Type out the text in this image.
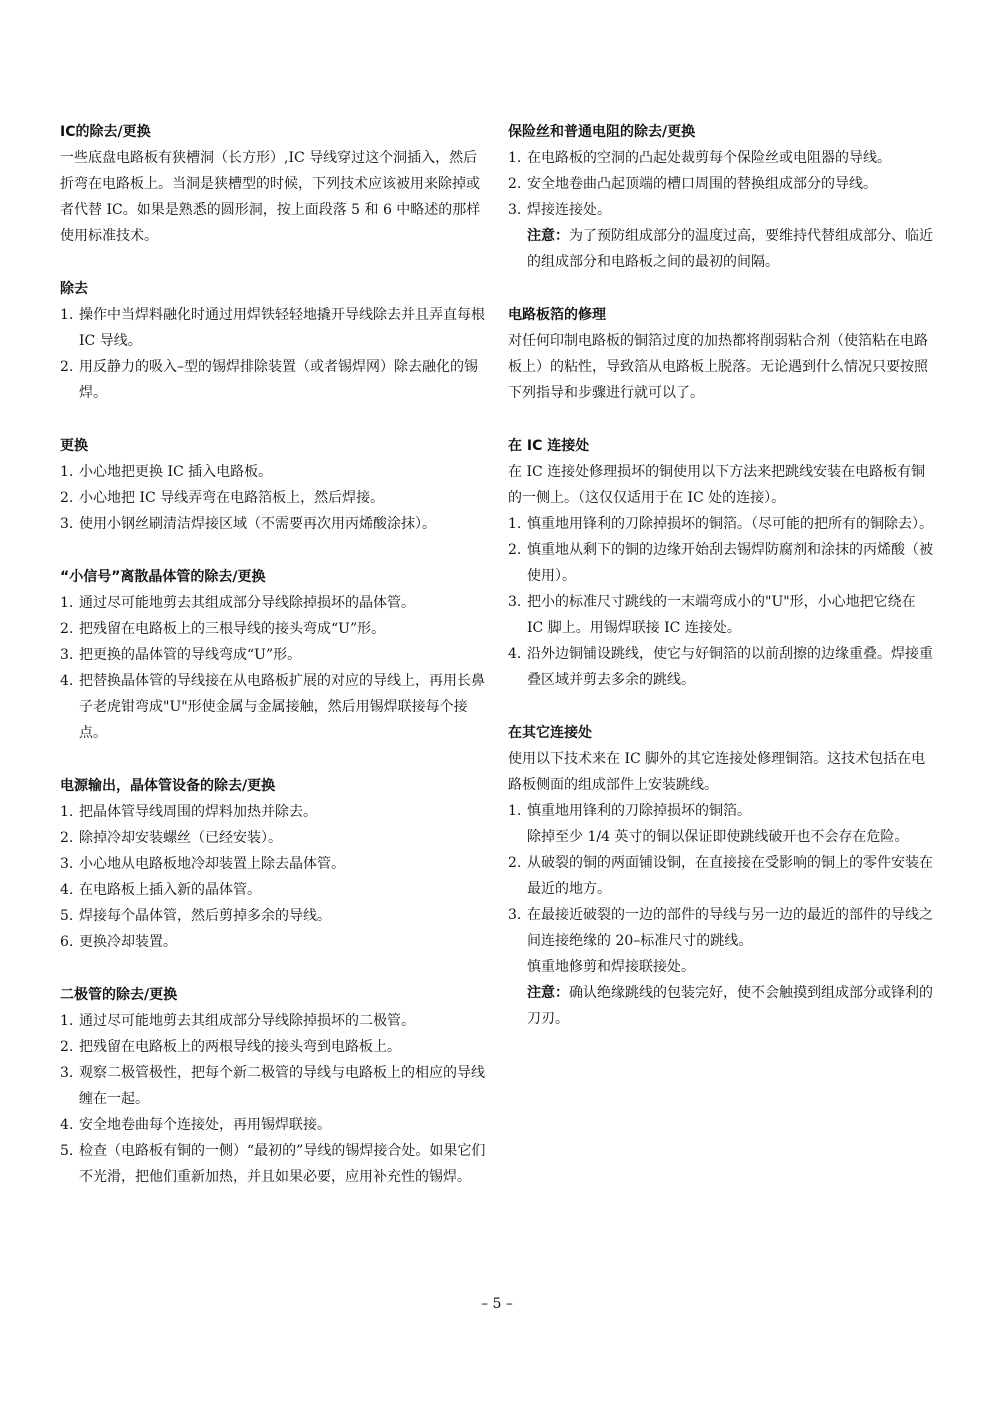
IC的除去/更换

一些底盘电路板有狭槽洞（长方形）,IC 导线穿过这个洞插入，然后折弯在电路板上。当洞是狭槽型的时候，下列技术应该被用来除掉或者代替 IC。如果是熟悉的圆形洞，按上面段落 5 和 6 中略述的那样使用标准技术。

除去
1. 操作中当焊料融化时通过用焊铁轻轻地撬开导线除去并且弄直每根 IC 导线。
2. 用反静力的吸入–型的锡焊排除装置（或者锡焊网）除去融化的锡焊。
更换
1. 小心地把更换 IC 插入电路板。
2. 小心地把 IC 导线弄弯在电路箔板上，然后焊接。
3. 使用小钢丝刷清洁焊接区域（不需要再次用丙烯酸涂抹）。
“小信号”离散晶体管的除去/更换
1. 通过尽可能地剪去其组成部分导线除掉损坏的晶体管。
2. 把残留在电路板上的三根导线的接头弯成“U”形。
3. 把更换的晶体管的导线弯成“U”形。
4. 把替换晶体管的导线接在从电路板扩展的对应的导线上，再用长鼻子老虎钳弯成"U"形使金属与金属接触，然后用锡焊联接每个接点。
电源输出，晶体管设备的除去/更换
1. 把晶体管导线周围的焊料加热并除去。
2. 除掉冷却安装螺丝（已经安装）。
3. 小心地从电路板地冷却装置上除去晶体管。
4. 在电路板上插入新的晶体管。
5. 焊接每个晶体管，然后剪掉多余的导线。
6. 更换冷却装置。
二极管的除去/更换
1. 通过尽可能地剪去其组成部分导线除掉损坏的二极管。
2. 把残留在电路板上的两根导线的接头弯到电路板上。
3. 观察二极管极性，把每个新二极管的导线与电路板上的相应的导线缠在一起。
4. 安全地卷曲每个连接处，再用锡焊联接。
5. 检查（电路板有铜的一侧）“最初的”导线的锡焊接合处。如果它们不光滑，把他们重新加热，并且如果必要，应用补充性的锡焊。
保险丝和普通电阻的除去/更换
1. 在电路板的空洞的凸起处裁剪每个保险丝或电阻器的导线。
2. 安全地卷曲凸起顶端的槽口周围的替换组成部分的导线。
3. 焊接连接处。
注意：为了预防组成部分的温度过高，要维持代替组成部分、临近的组成部分和电路板之间的最初的间隔。
电路板箔的修理

对任何印制电路板的铜箔过度的加热都将削弱粘合剂（使箔粘在电路板上）的粘性，导致箔从电路板上脱落。无论遇到什么情况只要按照下列指导和步骤进行就可以了。

在 IC 连接处

在 IC 连接处修理损坏的铜使用以下方法来把跳线安装在电路板有铜的一侧上。（这仅仅适用于在 IC 处的连接）。

1. 慎重地用锋利的刀除掉损坏的铜箔。（尽可能的把所有的铜除去）。
2. 慎重地从剩下的铜的边缘开始刮去锡焊防腐剂和涂抹的丙烯酸（被使用）。
3. 把小的标准尺寸跳线的一末端弯成小的"U"形，小心地把它绕在 IC 脚上。用锡焊联接 IC 连接处。
4. 沿外边铜铺设跳线，使它与好铜箔的以前刮擦的边缘重叠。焊接重叠区域并剪去多余的跳线。
在其它连接处

使用以下技术来在 IC 脚外的其它连接处修理铜箔。这技术包括在电路板侧面的组成部件上安装跳线。

1. 慎重地用锋利的刀除掉损坏的铜箔。
除掉至少 1/4 英寸的铜以保证即使跳线破开也不会存在危险。
2. 从破裂的铜的两面铺设铜，在直接接在受影响的铜上的零件安装在最近的地方。
3. 在最接近破裂的一边的部件的导线与另一边的最近的部件的导线之间连接绝缘的 20–标准尺寸的跳线。
慎重地修剪和焊接联接处。
注意：确认绝缘跳线的包装完好，使不会触摸到组成部分或锋利的刀刃。
– 5 –
